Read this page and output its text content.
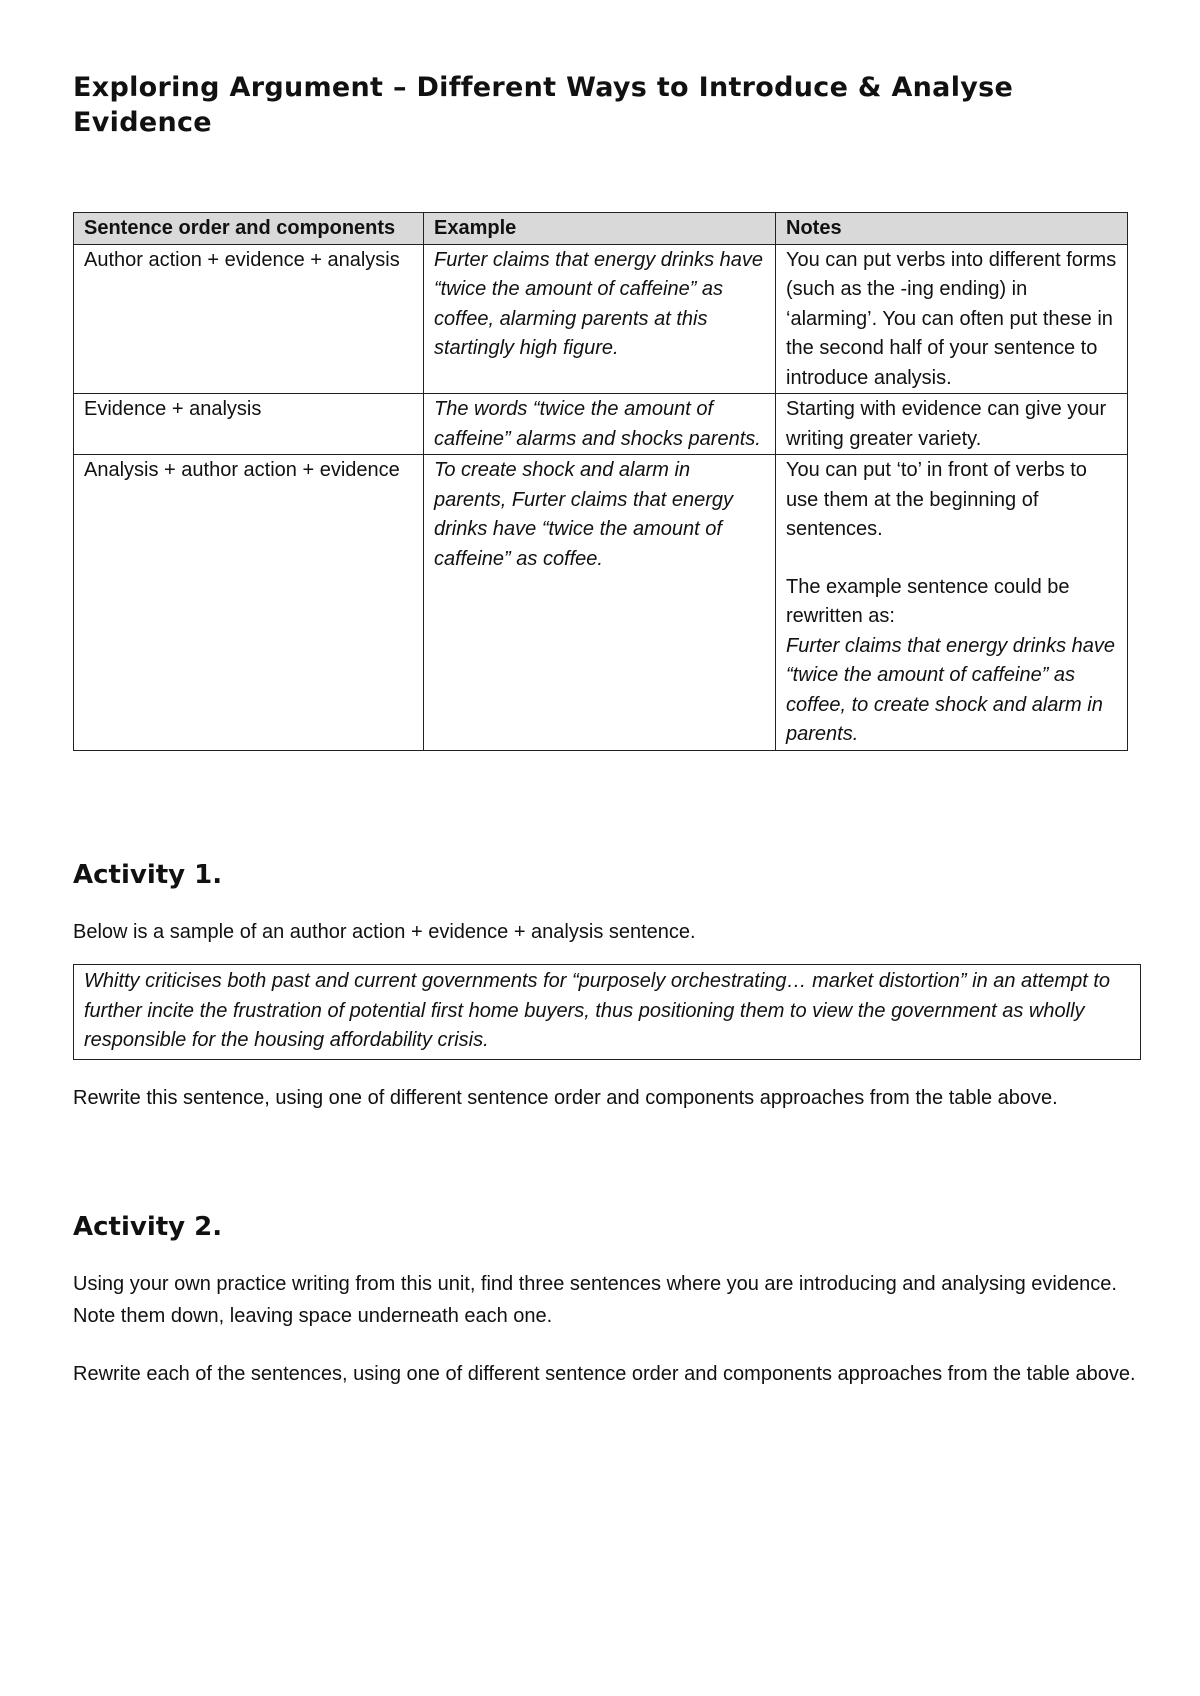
Exploring Argument – Different Ways to Introduce & Analyse Evidence
Sentence order and components	Example	Notes
Author action + evidence + analysis	Furter claims that energy drinks have “twice the amount of caffeine” as coffee, alarming parents at this startingly high figure.	You can put verbs into different forms (such as the -ing ending) in ‘alarming’. You can often put these in the second half of your sentence to introduce analysis.
Evidence + analysis	The words “twice the amount of caffeine” alarms and shocks parents.	Starting with evidence can give your writing greater variety.
Analysis + author action + evidence	To create shock and alarm in parents, Furter claims that energy drinks have “twice the amount of caffeine” as coffee.	You can put ‘to’ in front of verbs to use them at the beginning of sentences.
The example sentence could be rewritten as:
Furter claims that energy drinks have “twice the amount of caffeine” as coffee, to create shock and alarm in parents.
Activity 1.

Below is a sample of an author action + evidence + analysis sentence.

Whitty criticises both past and current governments for “purposely orchestrating… market distortion” in an attempt to further incite the frustration of potential first home buyers, thus positioning them to view the government as wholly responsible for the housing affordability crisis.

Rewrite this sentence, using one of different sentence order and components approaches from the table above.

Activity 2.

Using your own practice writing from this unit, find three sentences where you are introducing and analysing evidence. Note them down, leaving space underneath each one.

Rewrite each of the sentences, using one of different sentence order and components approaches from the table above.
